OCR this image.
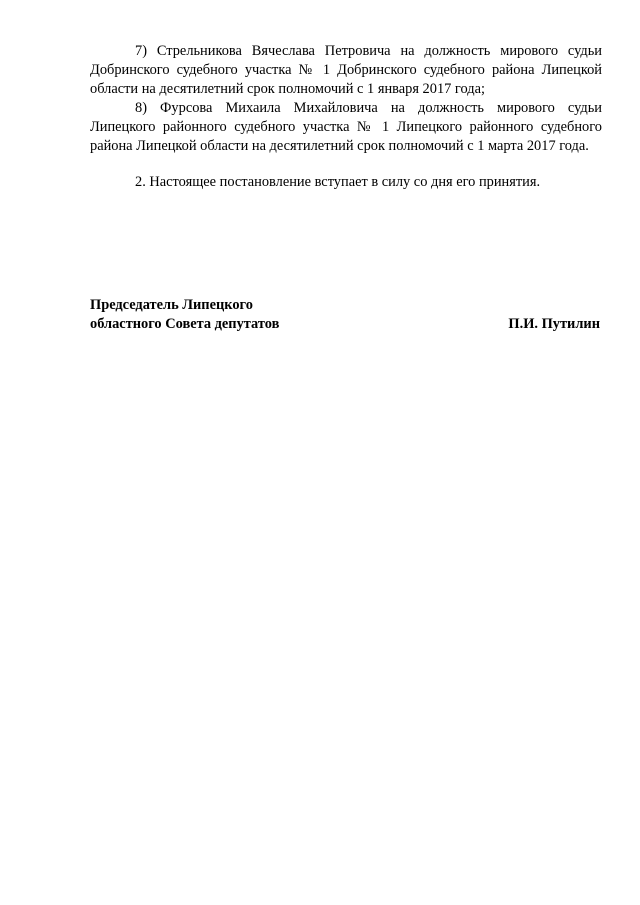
7) Стрельникова Вячеслава Петровича на должность мирового судьи Добринского судебного участка № 1 Добринского судебного района Липецкой области на десятилетний срок полномочий с 1 января 2017 года;

8) Фурсова Михаила Михайловича на должность мирового судьи Липецкого районного судебного участка № 1 Липецкого районного судебного района Липецкой области на десятилетний срок полномочий с 1 марта 2017 года.

2. Настоящее постановление вступает в силу со дня его принятия.

Председатель Липецкого
областного Совета депутатов	П.И. Путилин
